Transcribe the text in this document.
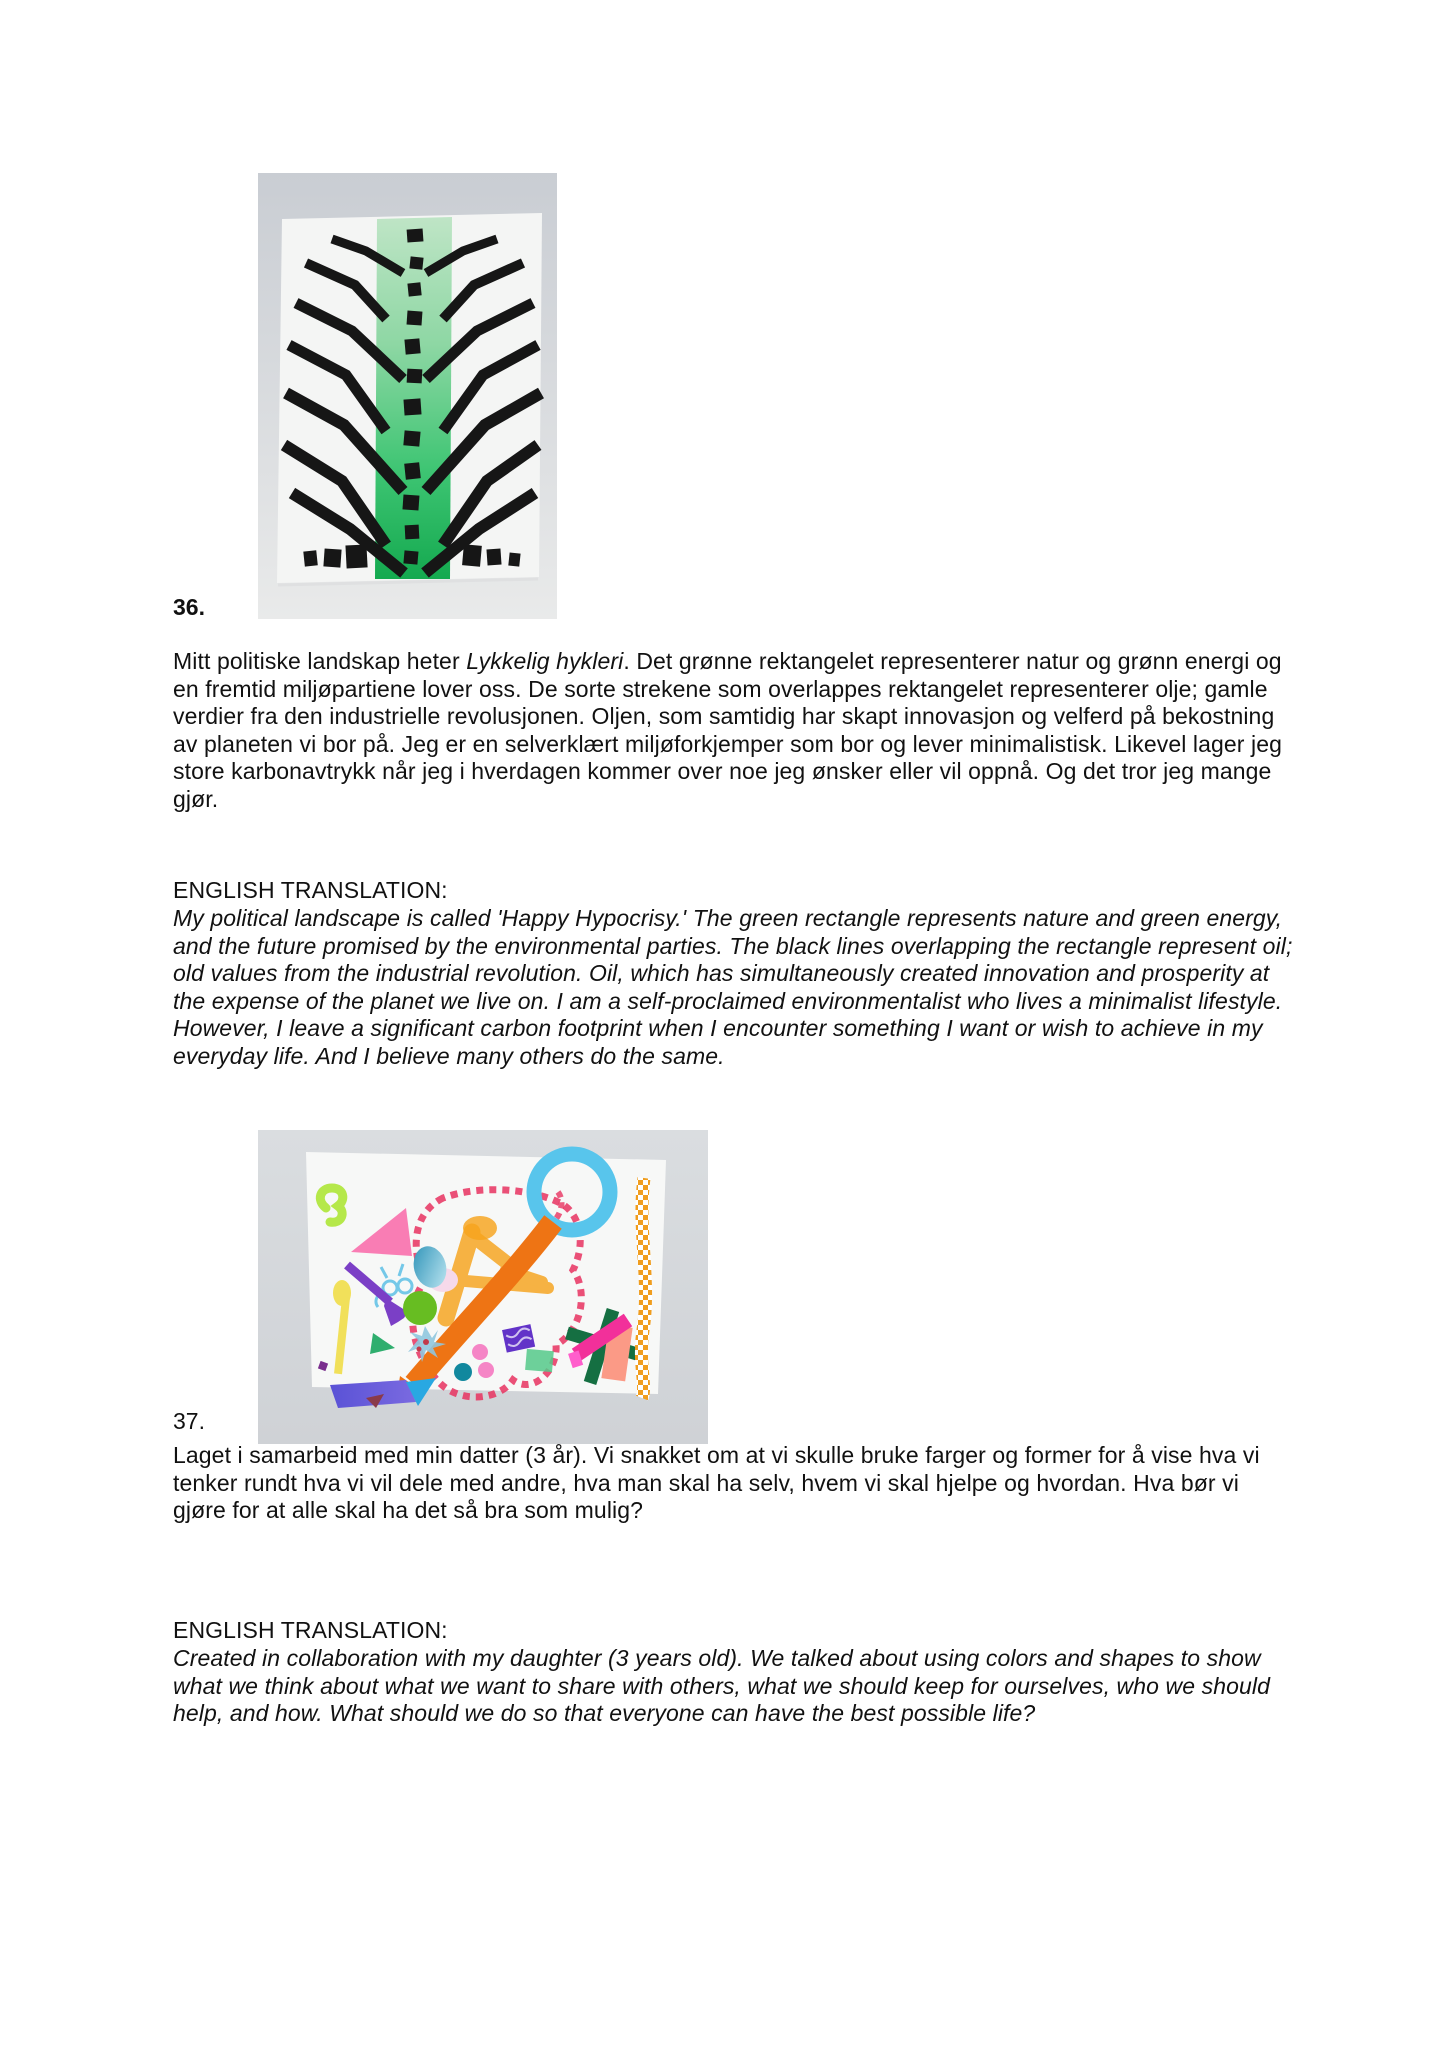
36.

Mitt politiske landskap heter Lykkelig hykleri. Det grønne rektangelet representerer natur og grønn energi og en fremtid miljøpartiene lover oss. De sorte strekene som overlappes rektangelet representerer olje; gamle verdier fra den industrielle revolusjonen. Oljen, som samtidig har skapt innovasjon og velferd på bekostning av planeten vi bor på. Jeg er en selverklært miljøforkjemper som bor og lever minimalistisk. Likevel lager jeg store karbonavtrykk når jeg i hverdagen kommer over noe jeg ønsker eller vil oppnå. Og det tror jeg mange gjør.

ENGLISH TRANSLATION:

My political landscape is called 'Happy Hypocrisy.' The green rectangle represents nature and green energy, and the future promised by the environmental parties. The black lines overlapping the rectangle represent oil; old values from the industrial revolution. Oil, which has simultaneously created innovation and prosperity at the expense of the planet we live on. I am a self-proclaimed environmentalist who lives a minimalist lifestyle. However, I leave a significant carbon footprint when I encounter something I want or wish to achieve in my everyday life. And I believe many others do the same.

37.

Laget i samarbeid med min datter (3 år). Vi snakket om at vi skulle bruke farger og former for å vise hva vi tenker rundt hva vi vil dele med andre, hva man skal ha selv, hvem vi skal hjelpe og hvordan. Hva bør vi gjøre for at alle skal ha det så bra som mulig?

ENGLISH TRANSLATION:

Created in collaboration with my daughter (3 years old). We talked about using colors and shapes to show what we think about what we want to share with others, what we should keep for ourselves, who we should help, and how. What should we do so that everyone can have the best possible life?
